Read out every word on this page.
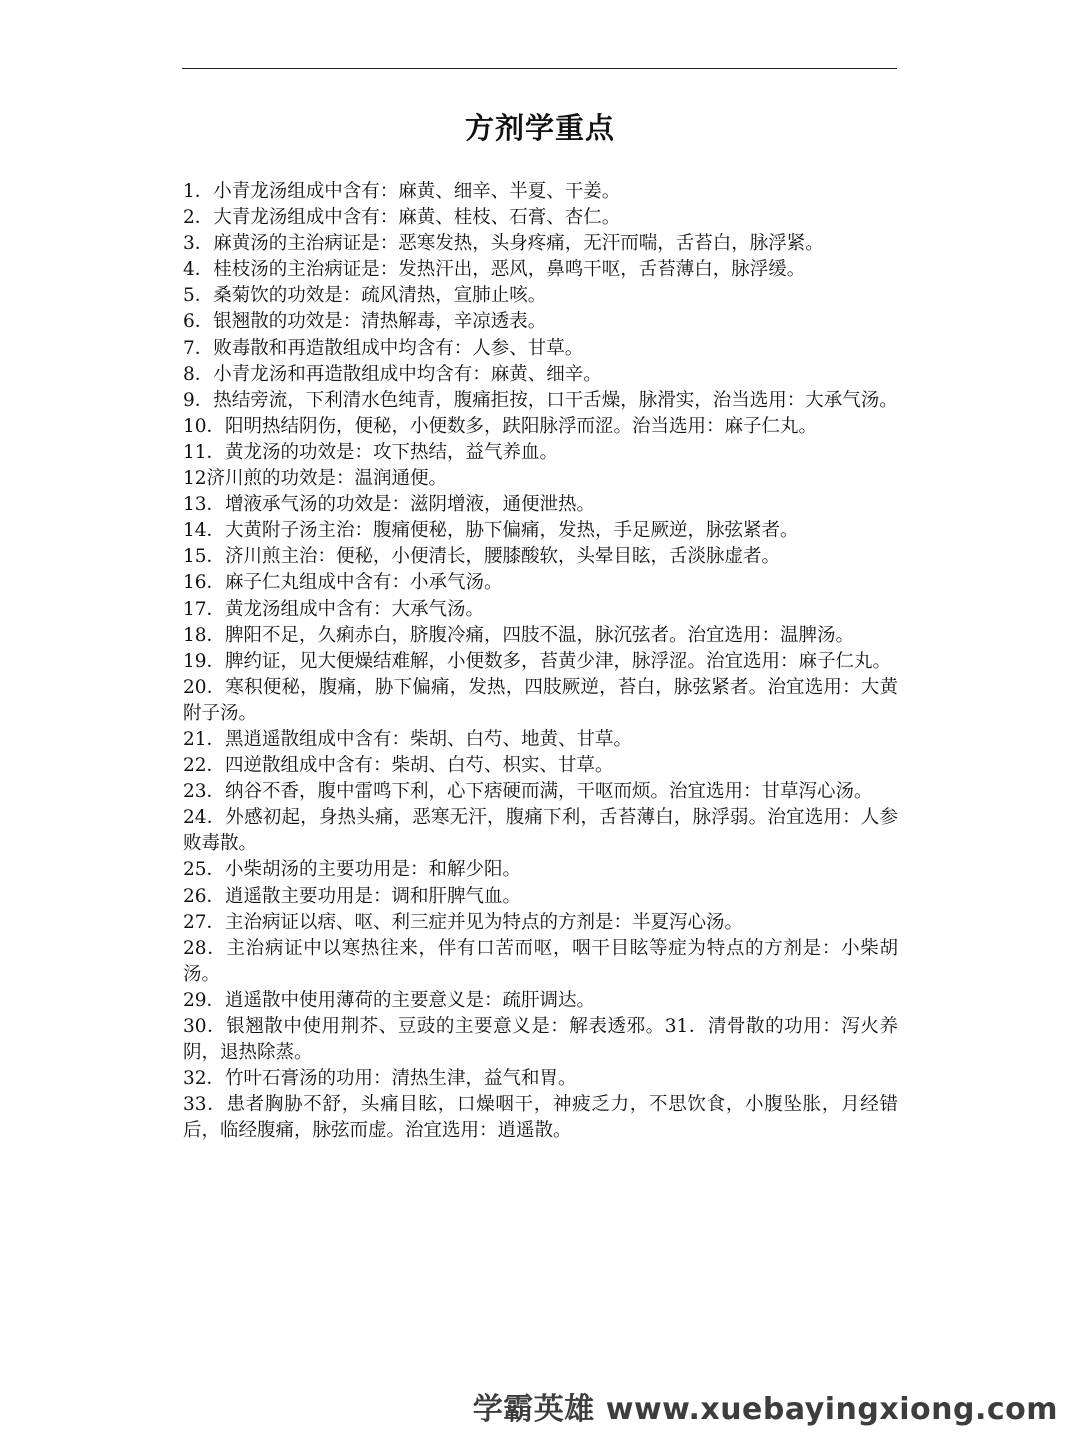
方剂学重点

1．小青龙汤组成中含有：麻黄、细辛、半夏、干姜。

2．大青龙汤组成中含有：麻黄、桂枝、石膏、杏仁。

3．麻黄汤的主治病证是：恶寒发热，头身疼痛，无汗而喘，舌苔白，脉浮紧。

4．桂枝汤的主治病证是：发热汗出，恶风，鼻鸣干呕，舌苔薄白，脉浮缓。

5．桑菊饮的功效是：疏风清热，宣肺止咳。

6．银翘散的功效是：清热解毒，辛凉透表。

7．败毒散和再造散组成中均含有：人参、甘草。

8．小青龙汤和再造散组成中均含有：麻黄、细辛。

9．热结旁流，下利清水色纯青，腹痛拒按，口干舌燥，脉滑实，治当选用：大承气汤。

10．阳明热结阴伤，便秘，小便数多，趺阳脉浮而涩。治当选用：麻子仁丸。

11．黄龙汤的功效是：攻下热结，益气养血。

12济川煎的功效是：温润通便。

13．增液承气汤的功效是：滋阴增液，通便泄热。

14．大黄附子汤主治：腹痛便秘，胁下偏痛，发热，手足厥逆，脉弦紧者。

15．济川煎主治：便秘，小便清长，腰膝酸软，头晕目眩，舌淡脉虚者。

16．麻子仁丸组成中含有：小承气汤。

17．黄龙汤组成中含有：大承气汤。

18．脾阳不足，久痢赤白，脐腹冷痛，四肢不温，脉沉弦者。治宜选用：温脾汤。

19．脾约证，见大便燥结难解，小便数多，苔黄少津，脉浮涩。治宜选用：麻子仁丸。

20．寒积便秘，腹痛，胁下偏痛，发热，四肢厥逆，苔白，脉弦紧者。治宜选用：大黄附子汤。

21．黑逍遥散组成中含有：柴胡、白芍、地黄、甘草。

22．四逆散组成中含有：柴胡、白芍、枳实、甘草。

23．纳谷不香，腹中雷鸣下利，心下痞硬而满，干呕而烦。治宜选用：甘草泻心汤。

24．外感初起，身热头痛，恶寒无汗，腹痛下利，舌苔薄白，脉浮弱。治宜选用：人参败毒散。

25．小柴胡汤的主要功用是：和解少阳。

26．逍遥散主要功用是：调和肝脾气血。

27．主治病证以痞、呕、利三症并见为特点的方剂是：半夏泻心汤。

28．主治病证中以寒热往来，伴有口苦而呕，咽干目眩等症为特点的方剂是：小柴胡汤。

29．逍遥散中使用薄荷的主要意义是：疏肝调达。

30．银翘散中使用荆芥、豆豉的主要意义是：解表透邪。31．清骨散的功用：泻火养阴，退热除蒸。

32．竹叶石膏汤的功用：清热生津，益气和胃。

33．患者胸胁不舒，头痛目眩，口燥咽干，神疲乏力，不思饮食，小腹坠胀，月经错后，临经腹痛，脉弦而虚。治宜选用：逍遥散。

学霸英雄 www.xuebayingxiong.com
